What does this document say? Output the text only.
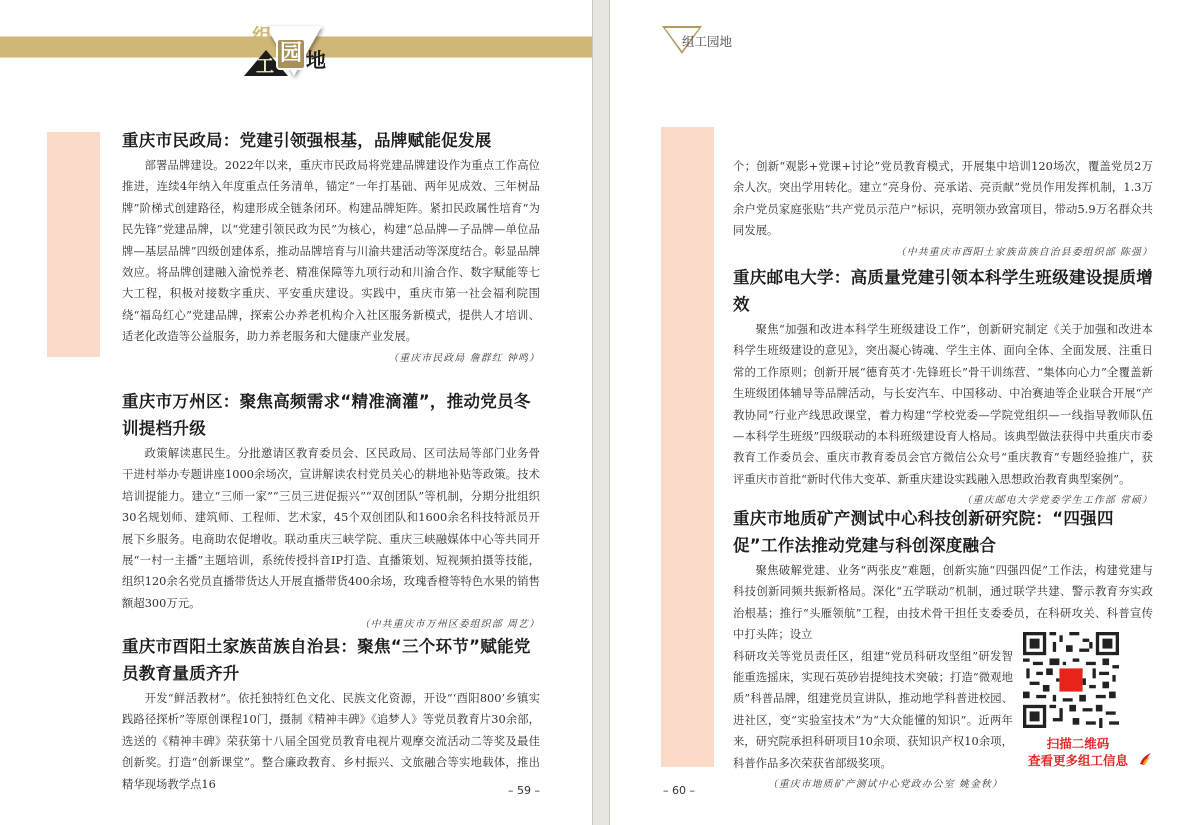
组
工
园 地
重庆市民政局：党建引领强根基，品牌赋能促发展

部署品牌建设。2022年以来，重庆市民政局将党建品牌建设作为重点工作高位推进，连续4年纳入年度重点任务清单，锚定“一年打基础、两年见成效、三年树品牌”阶梯式创建路径，构建形成全链条闭环。构建品牌矩阵。紧扣民政属性培育“为民先锋”党建品牌，以“党建引领民政为民”为核心，构建“总品牌—子品牌—单位品牌—基层品牌”四级创建体系，推动品牌培育与川渝共建活动等深度结合。彰显品牌效应。将品牌创建融入渝悦养老、精准保障等九项行动和川渝合作、数字赋能等七大工程，积极对接数字重庆、平安重庆建设。实践中，重庆市第一社会福利院围绕“福岛红心”党建品牌，探索公办养老机构介入社区服务新模式，提供人才培训、适老化改造等公益服务，助力养老服务和大健康产业发展。

（重庆市民政局 詹群红 钟鸣）
重庆市万州区：聚焦高频需求“精准滴灌”，推动党员冬训提档升级

政策解读惠民生。分批邀请区教育委员会、区民政局、区司法局等部门业务骨干进村举办专题讲座1000余场次，宣讲解读农村党员关心的耕地补贴等政策。技术培训提能力。建立“三师一家”“三员三进促振兴”“双创团队”等机制，分期分批组织30名规划师、建筑师、工程师、艺术家，45个双创团队和1600余名科技特派员开展下乡服务。电商助农促增收。联动重庆三峡学院、重庆三峡融媒体中心等共同开展“一村一主播”主题培训，系统传授抖音IP打造、直播策划、短视频拍摄等技能，组织120余名党员直播带货达人开展直播带货400余场，玫瑰香橙等特色水果的销售额超300万元。

（中共重庆市万州区委组织部 周艺）
重庆市酉阳土家族苗族自治县：聚焦“三个环节”赋能党员教育量质齐升

开发“鲜活教材”。依托独特红色文化、民族文化资源，开设“‘酉阳800’乡镇实践路径探析”等原创课程10门，摄制《精神丰碑》《追梦人》等党员教育片30余部，选送的《精神丰碑》荣获第十八届全国党员教育电视片观摩交流活动二等奖及最佳创新奖。打造“创新课堂”。整合廉政教育、乡村振兴、文旅融合等实地载体，推出精华现场教学点16	– 59 –
组工园地

个；创新“观影+党课+讨论”党员教育模式，开展集中培训120场次，覆盖党员2万余人次。突出学用转化。建立“亮身份、亮承诺、亮贡献”党员作用发挥机制，1.3万余户党员家庭张贴“共产党员示范户”标识，亮明领办致富项目，带动5.9万名群众共同发展。

（中共重庆市酉阳土家族苗族自治县委组织部 陈强）
重庆邮电大学：高质量党建引领本科学生班级建设提质增效

聚焦“加强和改进本科学生班级建设工作”，创新研究制定《关于加强和改进本科学生班级建设的意见》，突出凝心铸魂、学生主体、面向全体、全面发展、注重日常的工作原则；创新开展“德育英才·先锋班长”骨干训练营、“集体向心力”全覆盖新生班级团体辅导等品牌活动，与长安汽车、中国移动、中冶赛迪等企业联合开展“产教协同”行业产线思政课堂，着力构建“学校党委—学院党组织—一线指导教师队伍—本科学生班级”四级联动的本科班级建设育人格局。该典型做法获得中共重庆市委教育工作委员会、重庆市教育委员会官方微信公众号“重庆教育”专题经验推广，获评重庆市首批“新时代伟大变革、新重庆建设实践融入思想政治教育典型案例”。

（重庆邮电大学党委学生工作部 常硕）
重庆市地质矿产测试中心科技创新研究院：“四强四促”工作法推动党建与科创深度融合

聚焦破解党建、业务“两张皮”难题，创新实施“四强四促”工作法，构建党建与科技创新同频共振新格局。深化“五学联动”机制，通过联学共建、警示教育夯实政治根基；推行“头雁领航”工程，由技术骨干担任支委委员，在科研攻关、科普宣传中打头阵；设立

科研攻关等党员责任区，组建“党员科研攻坚组”研发智能重选摇床，实现石英砂岩提纯技术突破；打造“微观地质”科普品牌，组建党员宣讲队，推动地学科普进校园、进社区，变“实验室技术”为“大众能懂的知识”。近两年来，研究院承担科研项目10余项、获知识产权10余项，科普作品多次荣获省部级奖项。

（重庆市地质矿产测试中心党政办公室 姚金秋）
扫描二维码
查看更多组工信息
– 60 –
